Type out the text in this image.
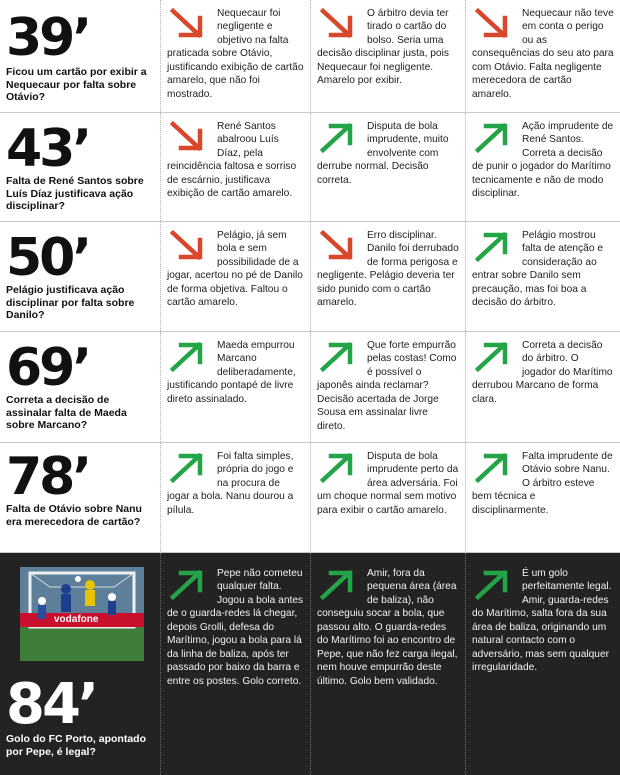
39’
Ficou um cartão por exibir a Nequecaur por falta sobre Otávio?
Nequecaur foi negligente e objetivo na falta praticada sobre Otávio, justificando exibição de cartão amarelo, que não foi mostrado.
O árbitro devia ter tirado o cartão do bolso. Seria uma decisão disciplinar justa, pois Nequecaur foi negligente. Amarelo por exibir.
Nequecaur não teve em conta o perigo ou as consequências do seu ato para com Otávio. Falta negligente merecedora de cartão amarelo.
43’
Falta de René Santos sobre Luís Díaz justificava ação disciplinar?
René Santos abalroou Luís Díaz, pela reincidência faltosa e sorriso de escárnio, justificava exibição de cartão amarelo.
Disputa de bola imprudente, muito envolvente com derrube normal. Decisão correta.
Ação imprudente de René Santos. Correta a decisão de punir o jogador do Marítimo tecnicamente e não de modo disciplinar.
50’
Pelágio justificava ação disciplinar por falta sobre Danilo?
Pelágio, já sem bola e sem possibilidade de a jogar, acertou no pé de Danilo de forma objetiva. Faltou o cartão amarelo.
Erro disciplinar. Danilo foi derrubado de forma perigosa e negligente. Pelágio deveria ter sido punido com o cartão amarelo.
Pelágio mostrou falta de atenção e consideração ao entrar sobre Danilo sem precaução, mas foi boa a decisão do árbitro.
69’
Correta a decisão de assinalar falta de Maeda sobre Marcano?
Maeda empurrou Marcano deliberadamente, justificando pontapé de livre direto assinalado.
Que forte empurrão pelas costas! Como é possível o japonês ainda reclamar? Decisão acertada de Jorge Sousa em assinalar livre direto.
Correta a decisão do árbitro. O jogador do Marítimo derrubou Marcano de forma clara.
78’
Falta de Otávio sobre Nanu era merecedora de cartão?
Foi falta simples, própria do jogo e na procura de jogar a bola. Nanu dourou a pílula.
Disputa de bola imprudente perto da área adversária. Foi um choque normal sem motivo para exibir o cartão amarelo.
Falta imprudente de Otávio sobre Nanu. O árbitro esteve bem técnica e disciplinarmente.
vodafone
84’
Golo do FC Porto, apontado por Pepe, é legal?
Pepe não cometeu qualquer falta. Jogou a bola antes de o guarda-redes lá chegar, depois Grolli, defesa do Marítimo, jogou a bola para lá da linha de baliza, após ter passado por baixo da barra e entre os postes. Golo correto.
Amir, fora da pequena área (área de baliza), não conseguiu socar a bola, que passou alto. O guarda-redes do Marítimo foi ao encontro de Pepe, que não fez carga ilegal, nem houve empurrão deste último. Golo bem validado.
É um golo perfeitamente legal. Amir, guarda-redes do Marítimo, salta fora da sua área de baliza, originando um natural contacto com o adversário, mas sem qualquer irregularidade.
